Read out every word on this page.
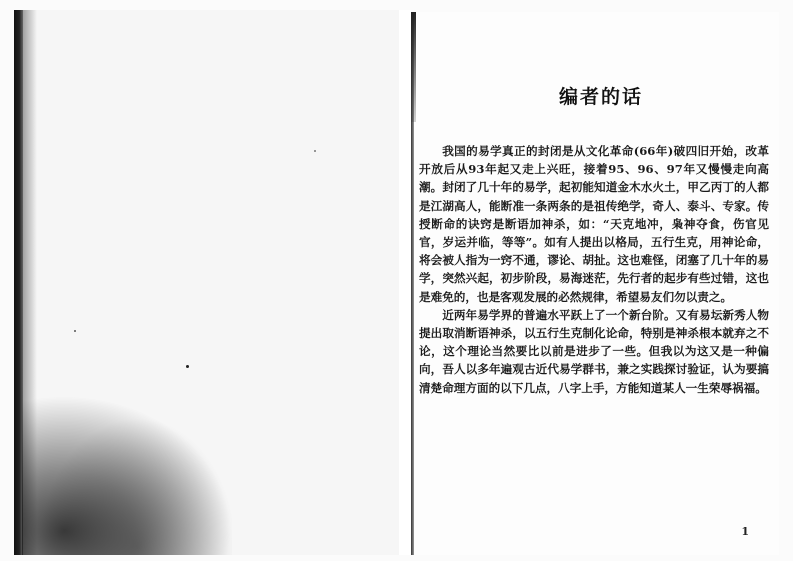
编者的话

我国的易学真正的封闭是从文化革命(66年)破四旧开始，改革开放后从93年起又走上兴旺，接着95、96、97年又慢慢走向高潮。封闭了几十年的易学，起初能知道金木水火土，甲乙丙丁的人都是江湖高人，能断准一条两条的是祖传绝学，奇人、泰斗、专家。传授断命的诀窍是断语加神杀，如：“天克地冲，枭神夺食，伤官见官，岁运并临，等等”。如有人提出以格局，五行生克，用神论命，将会被人指为一窍不通，谬论、胡扯。这也难怪，闭塞了几十年的易学，突然兴起，初步阶段，易海迷茫，先行者的起步有些过错，这也是难免的，也是客观发展的必然规律，希望易友们勿以责之。

近两年易学界的普遍水平跃上了一个新台阶。又有易坛新秀人物提出取消断语神杀，以五行生克制化论命，特别是神杀根本就弃之不论，这个理论当然要比以前是进步了一些。但我以为这又是一种偏向，吾人以多年遍观古近代易学群书，兼之实践探讨验证，认为要搞清楚命理方面的以下几点，八字上手，方能知道某人一生荣辱祸福。

1
